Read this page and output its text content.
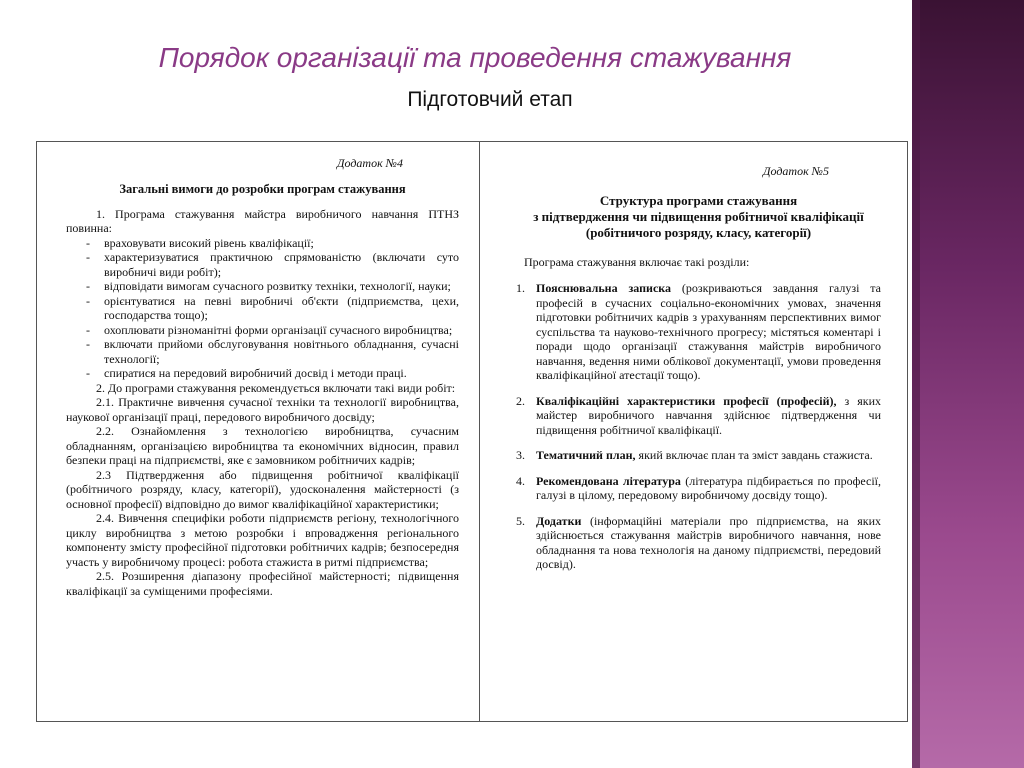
Порядок організації та проведення стажування
Підготовчий етап

Додаток №4

Загальні вимоги до розробки програм стажування

1. Програма стажування майстра виробничого навчання ПТНЗ повинна:

- враховувати високий рівень кваліфікації;
- характеризуватися практичною спрямованістю (включати суто виробничі види робіт);
- відповідати вимогам сучасного розвитку техніки, технології, науки;
- орієнтуватися на певні виробничі об'єкти (підприємства, цехи, господарства тощо);
- охоплювати різноманітні форми організації сучасного виробництва;
- включати прийоми обслуговування новітнього обладнання, сучасні технології;
- спиратися на передовий виробничий досвід і методи праці.

2. До програми стажування рекомендується включати такі види робіт:

2.1. Практичне вивчення сучасної техніки та технології виробництва, наукової організації праці, передового виробничого досвіду;

2.2. Ознайомлення з технологією виробництва, сучасним обладнанням, організацією виробництва та економічних відносин, правил безпеки праці на підприємстві, яке є замовником робітничих кадрів;

2.3 Підтвердження або підвищення робітничої кваліфікації (робітничого розряду, класу, категорії), удосконалення майстерності (з основної професії) відповідно до вимог кваліфікаційної характеристики;

2.4. Вивчення специфіки роботи підприємств регіону, технологічного циклу виробництва з метою розробки і впровадження регіонального компоненту змісту професійної підготовки робітничих кадрів; безпосередня участь у виробничому процесі: робота стажиста в ритмі підприємства;

2.5. Розширення діапазону професійної майстерності; підвищення кваліфікації за суміщеними професіями.

Додаток №5

Структура програми стажування
з підтвердження чи підвищення робітничої кваліфікації
(робітничого розряду, класу, категорії)

Програма стажування включає такі розділи:

1. Пояснювальна записка (розкриваються завдання галузі та професій в сучасних соціально-економічних умовах, значення підготовки робітничих кадрів з урахуванням перспективних вимог суспільства та науково-технічного прогресу; містяться коментарі і поради щодо організації стажування майстрів виробничого навчання, ведення ними облікової документації, умови проведення кваліфікаційної атестації тощо).
2. Кваліфікаційні характеристики професії (професій), з яких майстер виробничого навчання здійснює підтвердження чи підвищення робітничої кваліфікації.
3. Тематичний план, який включає план та зміст завдань стажиста.
4. Рекомендована література (література підбирається по професії, галузі в цілому, передовому виробничому досвіду тощо).
5. Додатки (інформаційні матеріали про підприємства, на яких здійснюється стажування майстрів виробничого навчання, нове обладнання та нова технологія на даному підприємстві, передовий досвід).
